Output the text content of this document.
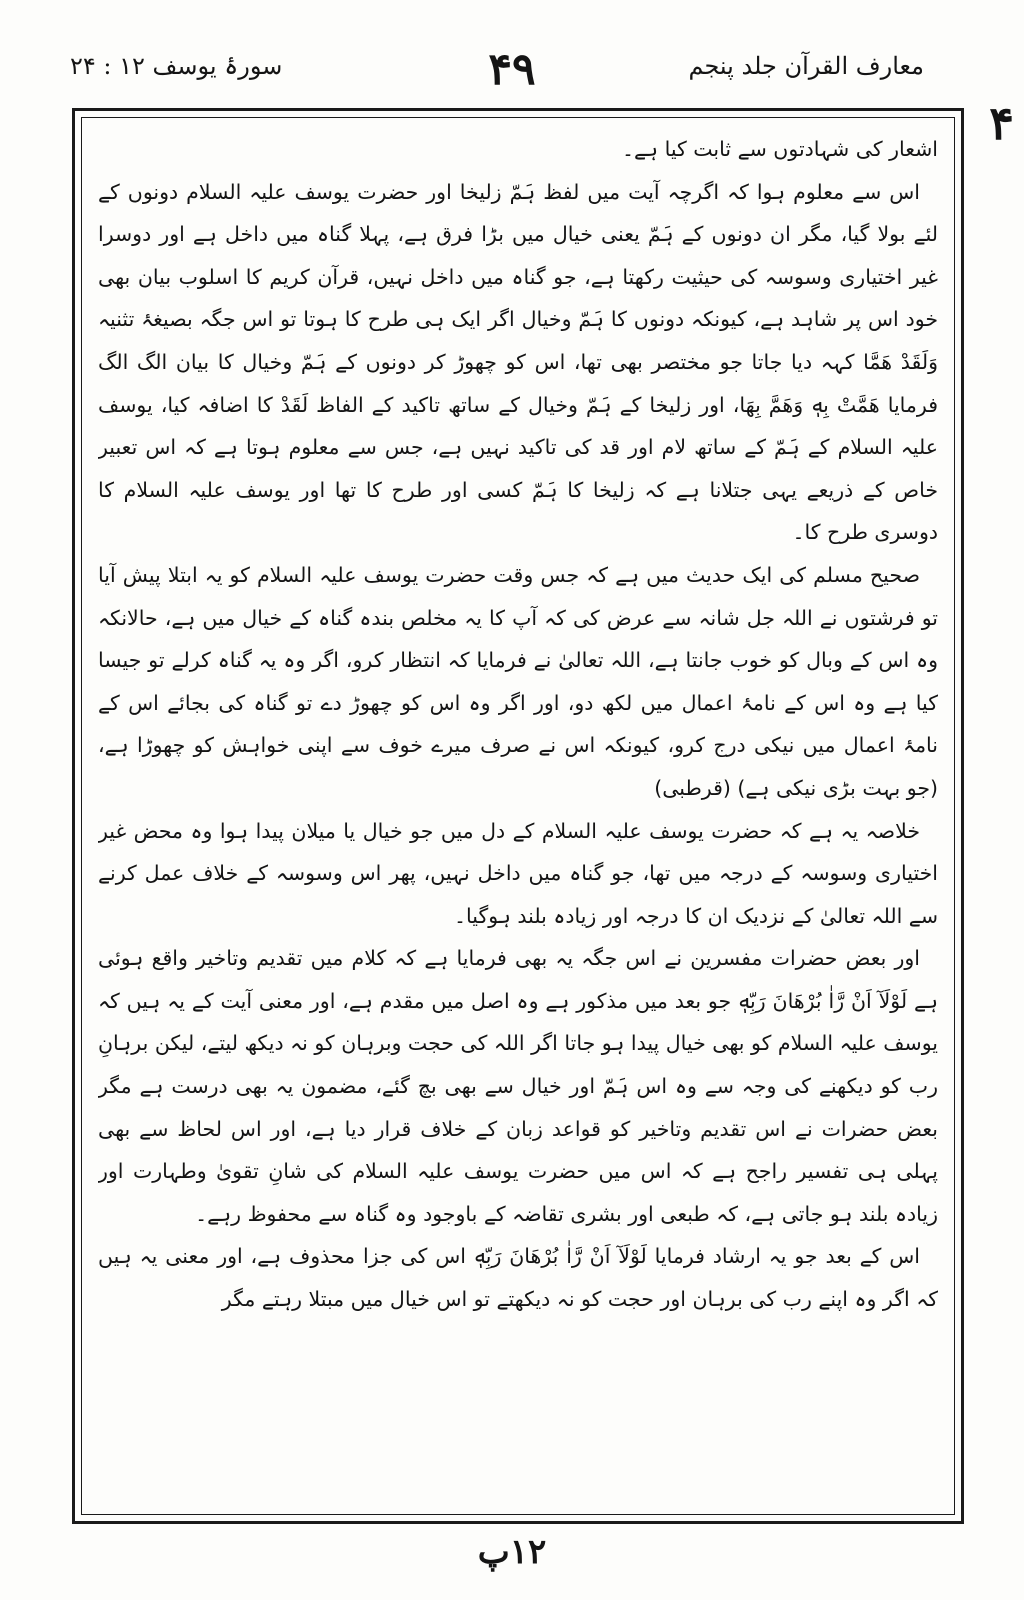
معارف القرآن جلد پنجم
۴۹
سورۂ یوسف ۱۲ : ۲۴
۴

اشعار کی شہادتوں سے ثابت کیا ہے۔

اس سے معلوم ہوا کہ اگرچہ آیت میں لفظ ہَمّ زلیخا اور حضرت یوسف علیہ السلام دونوں کے لئے بولا گیا، مگر ان دونوں کے ہَمّ یعنی خیال میں بڑا فرق ہے، پہلا گناہ میں داخل ہے اور دوسرا غیر اختیاری وسوسہ کی حیثیت رکھتا ہے، جو گناہ میں داخل نہیں، قرآن کریم کا اسلوب بیان بھی خود اس پر شاہد ہے، کیونکہ دونوں کا ہَمّ وخیال اگر ایک ہی طرح کا ہوتا تو اس جگہ بصیغۂ تثنیہ وَلَقَدْ هَمَّا کہہ دیا جاتا جو مختصر بھی تھا، اس کو چھوڑ کر دونوں کے ہَمّ وخیال کا بیان الگ الگ فرمایا هَمَّتْ بِهٖ وَهَمَّ بِهَا، اور زلیخا کے ہَمّ وخیال کے ساتھ تاکید کے الفاظ لَقَدْ کا اضافہ کیا، یوسف علیہ السلام کے ہَمّ کے ساتھ لام اور قد کی تاکید نہیں ہے، جس سے معلوم ہوتا ہے کہ اس تعبیر خاص کے ذریعے یہی جتلانا ہے کہ زلیخا کا ہَمّ کسی اور طرح کا تھا اور یوسف علیہ السلام کا دوسری طرح کا۔

صحیح مسلم کی ایک حدیث میں ہے کہ جس وقت حضرت یوسف علیہ السلام کو یہ ابتلا پیش آیا تو فرشتوں نے اللہ جل شانہ سے عرض کی کہ آپ کا یہ مخلص بندہ گناہ کے خیال میں ہے، حالانکہ وہ اس کے وبال کو خوب جانتا ہے، اللہ تعالیٰ نے فرمایا کہ انتظار کرو، اگر وہ یہ گناہ کرلے تو جیسا کیا ہے وہ اس کے نامۂ اعمال میں لکھ دو، اور اگر وہ اس کو چھوڑ دے تو گناہ کی بجائے اس کے نامۂ اعمال میں نیکی درج کرو، کیونکہ اس نے صرف میرے خوف سے اپنی خواہش کو چھوڑا ہے، (جو بہت بڑی نیکی ہے) (قرطبی)

خلاصہ یہ ہے کہ حضرت یوسف علیہ السلام کے دل میں جو خیال یا میلان پیدا ہوا وہ محض غیر اختیاری وسوسہ کے درجہ میں تھا، جو گناہ میں داخل نہیں، پھر اس وسوسہ کے خلاف عمل کرنے سے اللہ تعالیٰ کے نزدیک ان کا درجہ اور زیادہ بلند ہوگیا۔

اور بعض حضرات مفسرین نے اس جگہ یہ بھی فرمایا ہے کہ کلام میں تقدیم وتاخیر واقع ہوئی ہے لَوْلَآ اَنْ رَّاٰ بُرْهَانَ رَبِّهٖ جو بعد میں مذکور ہے وہ اصل میں مقدم ہے، اور معنی آیت کے یہ ہیں کہ یوسف علیہ السلام کو بھی خیال پیدا ہو جاتا اگر اللہ کی حجت وبرہان کو نہ دیکھ لیتے، لیکن برہانِ رب کو دیکھنے کی وجہ سے وہ اس ہَمّ اور خیال سے بھی بچ گئے، مضمون یہ بھی درست ہے مگر بعض حضرات نے اس تقدیم وتاخیر کو قواعد زبان کے خلاف قرار دیا ہے، اور اس لحاظ سے بھی پہلی ہی تفسیر راجح ہے کہ اس میں حضرت یوسف علیہ السلام کی شانِ تقویٰ وطہارت اور زیادہ بلند ہو جاتی ہے، کہ طبعی اور بشری تقاضہ کے باوجود وہ گناہ سے محفوظ رہے۔

اس کے بعد جو یہ ارشاد فرمایا لَوْلَآ اَنْ رَّاٰ بُرْهَانَ رَبِّهٖ اس کی جزا محذوف ہے، اور معنی یہ ہیں کہ اگر وہ اپنے رب کی برہان اور حجت کو نہ دیکھتے تو اس خیال میں مبتلا رہتے مگر

۱۲پ
